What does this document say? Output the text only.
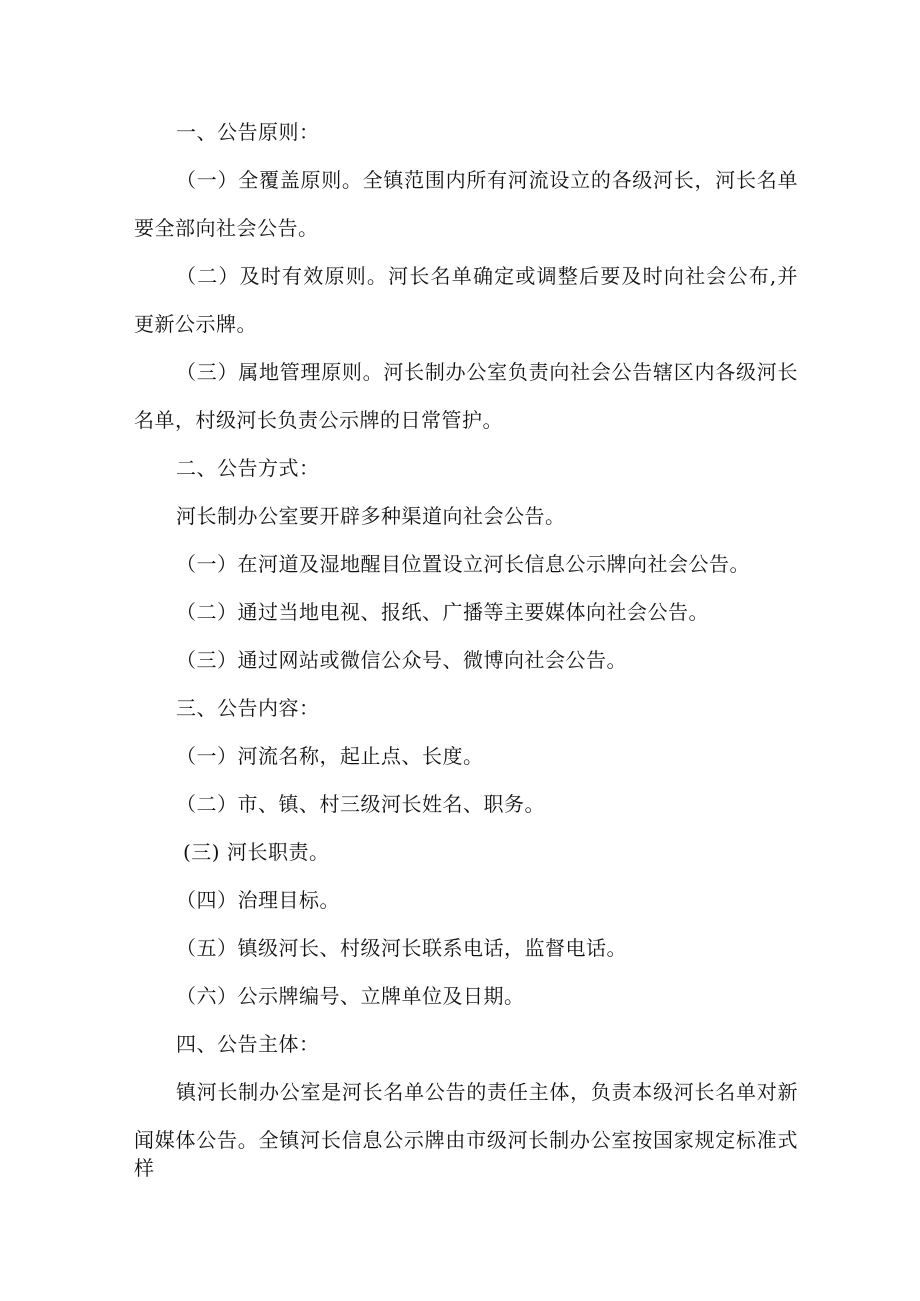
一、公告原则：
（一）全覆盖原则。全镇范围内所有河流设立的各级河长，河长名单
要全部向社会公告。
（二）及时有效原则。河长名单确定或调整后要及时向社会公布,并
更新公示牌。
（三）属地管理原则。河长制办公室负责向社会公告辖区内各级河长
名单，村级河长负责公示牌的日常管护。
二、公告方式：
河长制办公室要开辟多种渠道向社会公告。
（一）在河道及湿地醒目位置设立河长信息公示牌向社会公告。
（二）通过当地电视、报纸、广播等主要媒体向社会公告。
（三）通过网站或微信公众号、微博向社会公告。
三、公告内容：
（一）河流名称，起止点、长度。
（二）市、镇、村三级河长姓名、职务。
(三) 河长职责。
（四）治理目标。
（五）镇级河长、村级河长联系电话，监督电话。
（六）公示牌编号、立牌单位及日期。
四、公告主体：
镇河长制办公室是河长名单公告的责任主体，负责本级河长名单对新
闻媒体公告。全镇河长信息公示牌由市级河长制办公室按国家规定标准式样
